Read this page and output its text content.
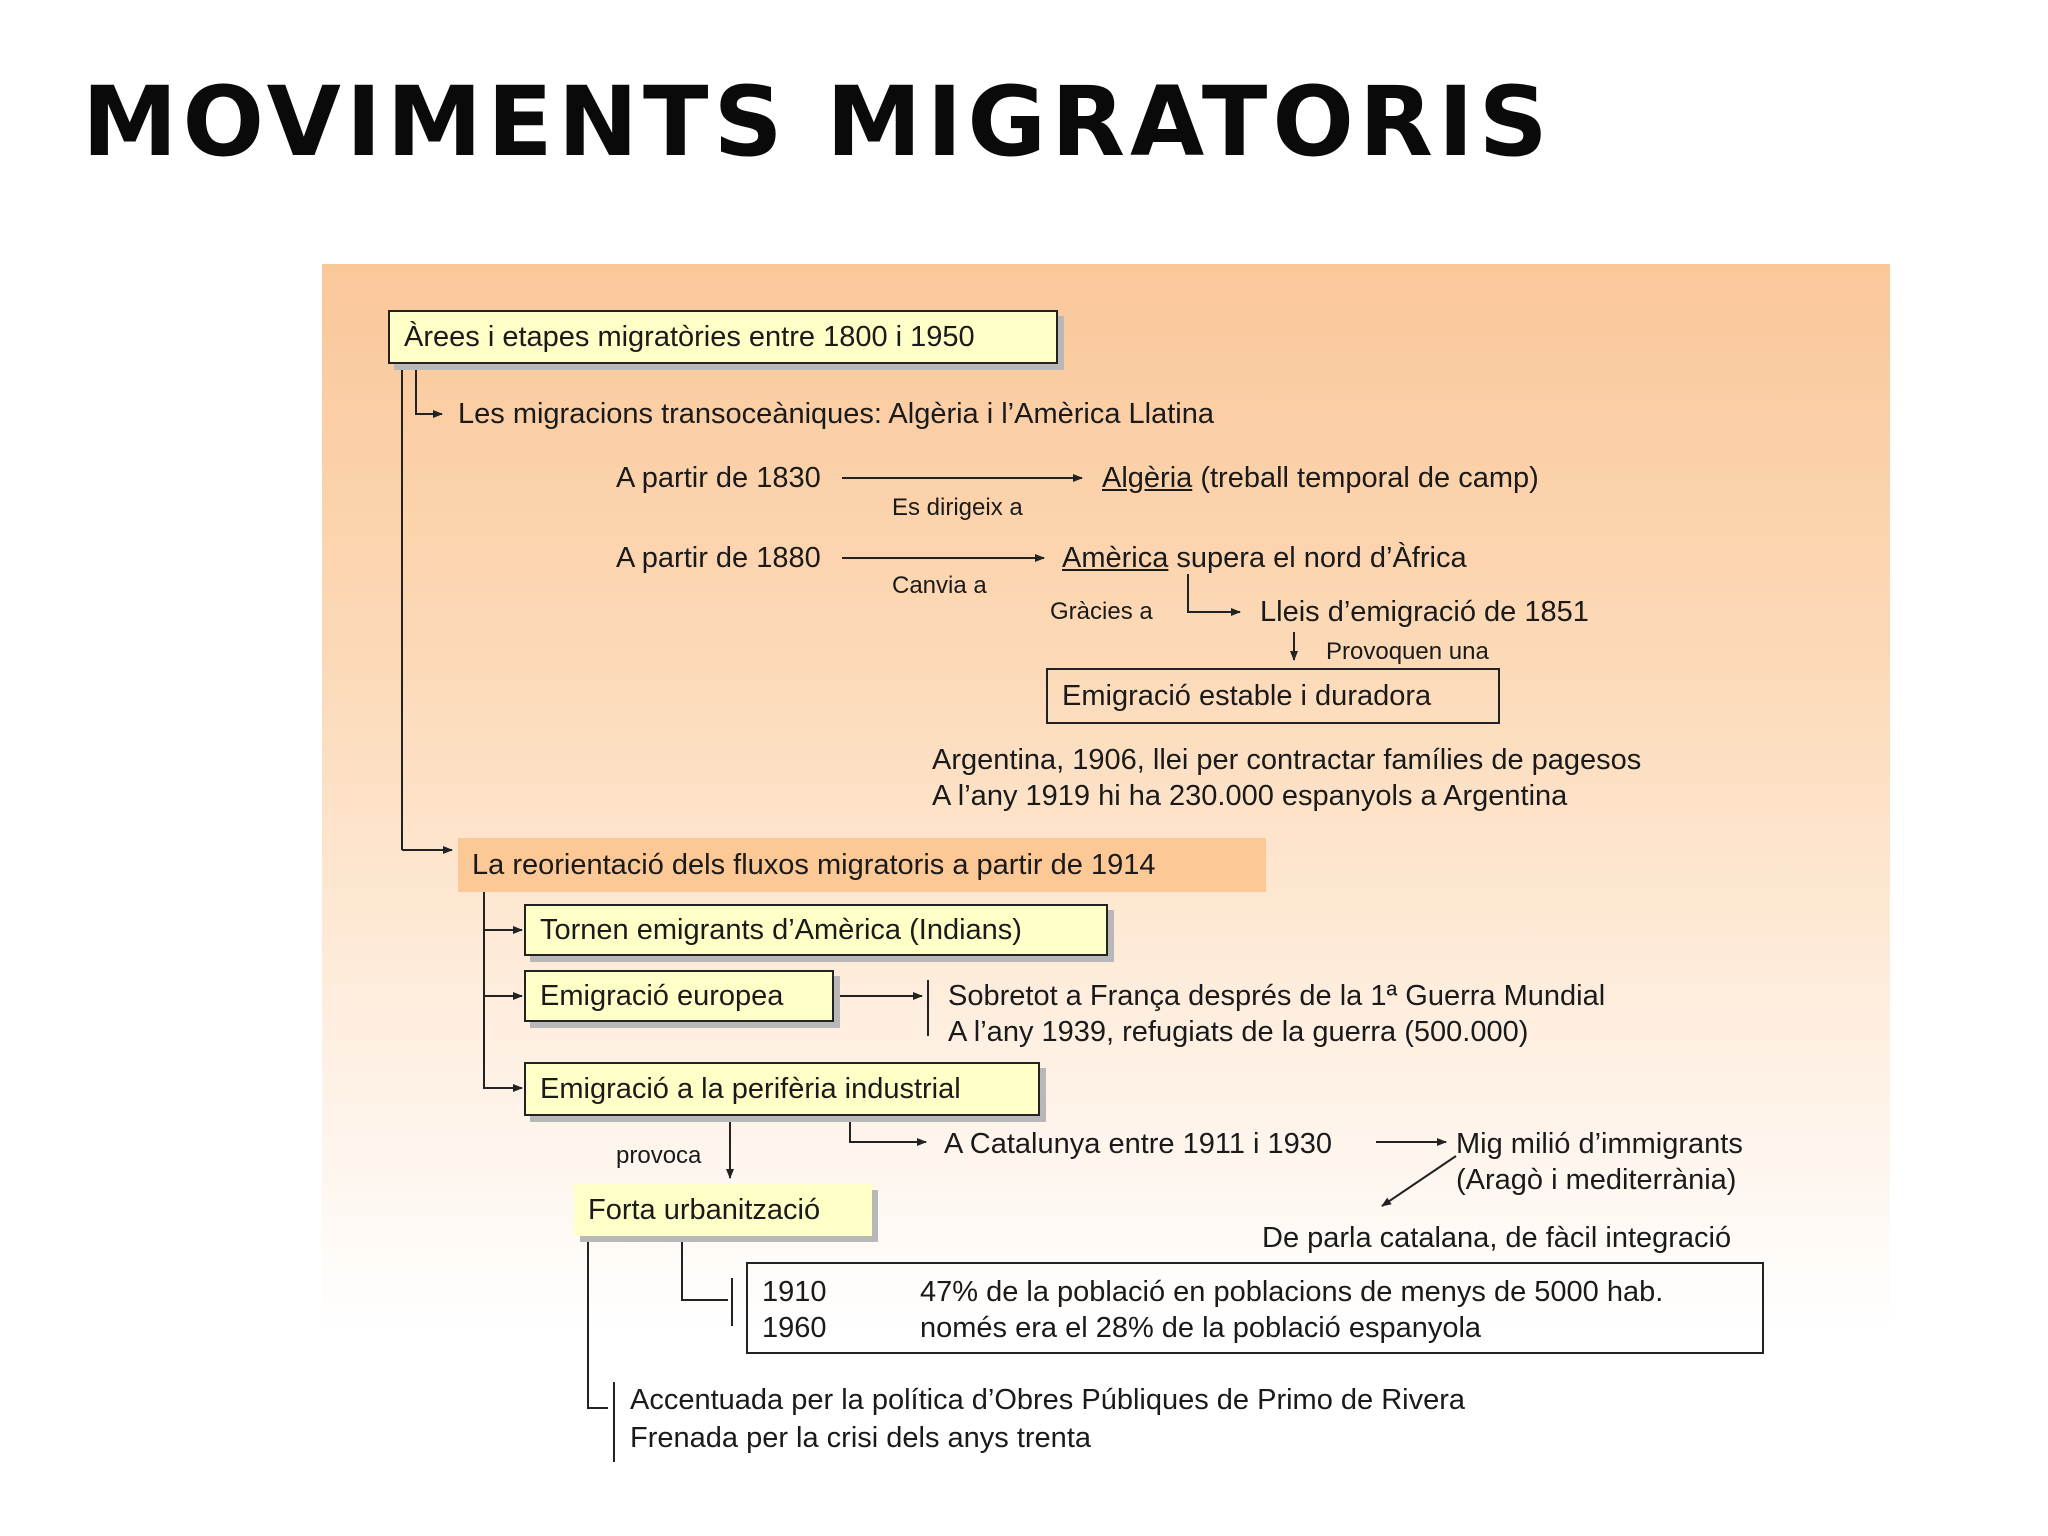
MOVIMENTS MIGRATORIS
Àrees i etapes migratòries entre 1800 i 1950
Les migracions transoceàniques: Algèria i l’Amèrica Llatina
A partir de 1830
Es dirigeix a
Algèria (treball temporal de camp)
A partir de 1880
Canvia a
Amèrica supera el nord d’Àfrica
Gràcies a	Lleis d’emigració de 1851
Provoquen una
Emigració estable i duradora
Argentina, 1906, llei per contractar famílies de pagesos
A l’any 1919 hi ha 230.000 espanyols a Argentina
La reorientació dels fluxos migratoris a partir de 1914
Tornen emigrants d’Amèrica (Indians)
Emigració europea	Sobretot a França després de la 1ª Guerra Mundial
A l’any 1939, refugiats de la guerra (500.000)
Emigració a la perifèria industrial
provoca	A Catalunya entre 1911 i 1930	Mig milió d’immigrants
(Aragò i mediterrània)
De parla catalana, de fàcil integració
Forta urbanització
1910	47% de la població en poblacions de menys de 5000 hab.
1960	només era el 28% de la població espanyola
Accentuada per la política d’Obres Públiques de Primo de Rivera
Frenada per la crisi dels anys trenta
